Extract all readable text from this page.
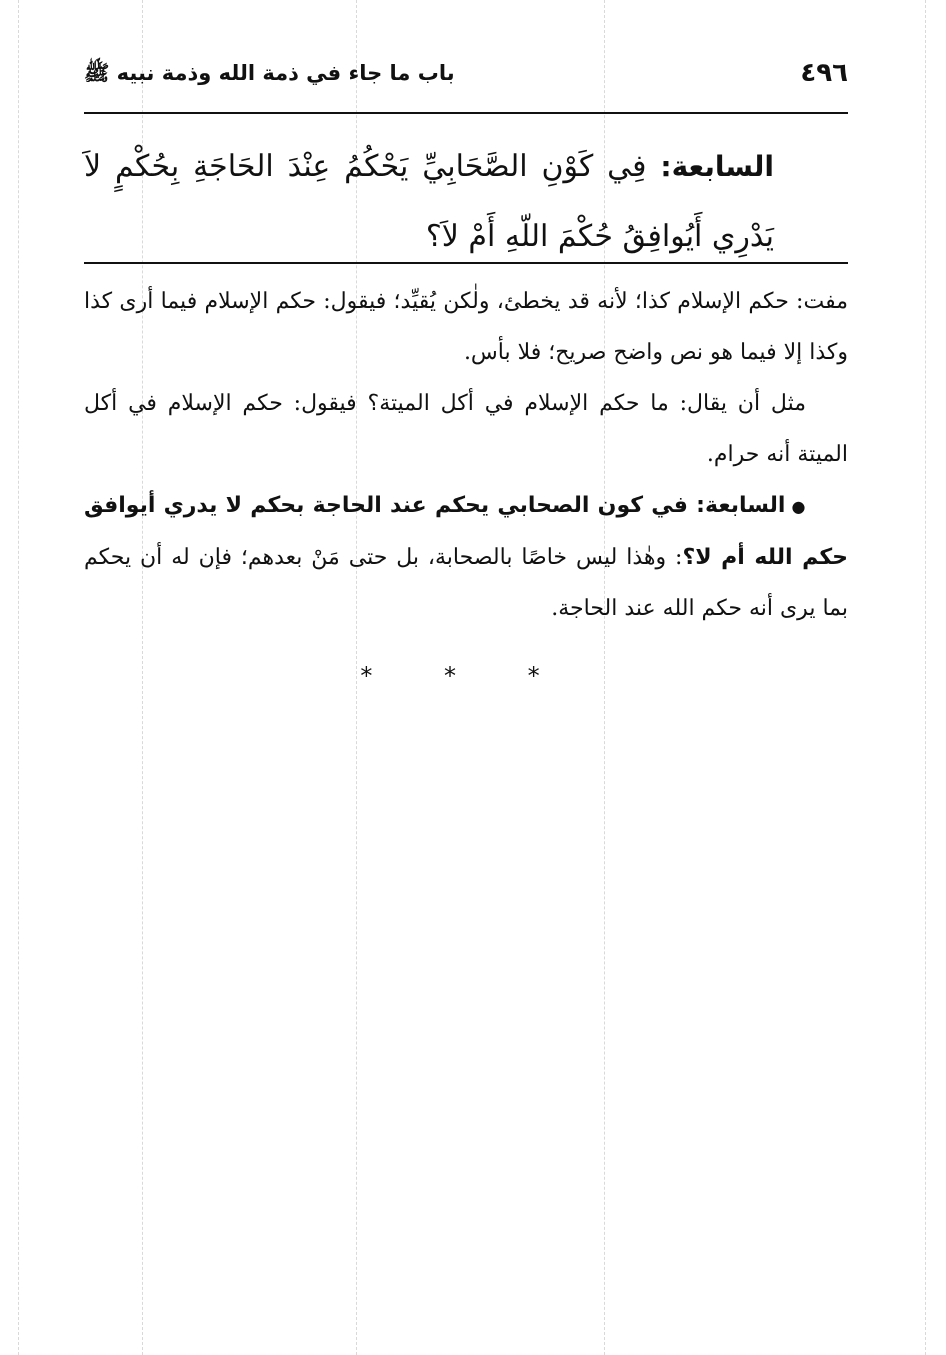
٤٩٦
باب ما جاء في ذمة الله وذمة نبيه ﷺ
السابعة: فِي كَوْنِ الصَّحَابِيِّ يَحْكُمُ عِنْدَ الحَاجَةِ بِحُكْمٍ لاَ يَدْرِي أَيُوافِقُ حُكْمَ اللّهِ أَمْ لاَ؟

مفت: حكم الإسلام كذا؛ لأنه قد يخطئ، ولٰكن يُقيِّد؛ فيقول: حكم الإسلام فيما أرى كذا وكذا إلا فيما هو نص واضح صريح؛ فلا بأس.

مثل أن يقال: ما حكم الإسلام في أكل الميتة؟ فيقول: حكم الإسلام في أكل الميتة أنه حرام.

●السابعة: في كون الصحابي يحكم عند الحاجة بحكم لا يدري أيوافق حكم الله أم لا؟: وهٰذا ليس خاصًا بالصحابة، بل حتى مَنْ بعدهم؛ فإن له أن يحكم بما يرى أنه حكم الله عند الحاجة.

* * *
